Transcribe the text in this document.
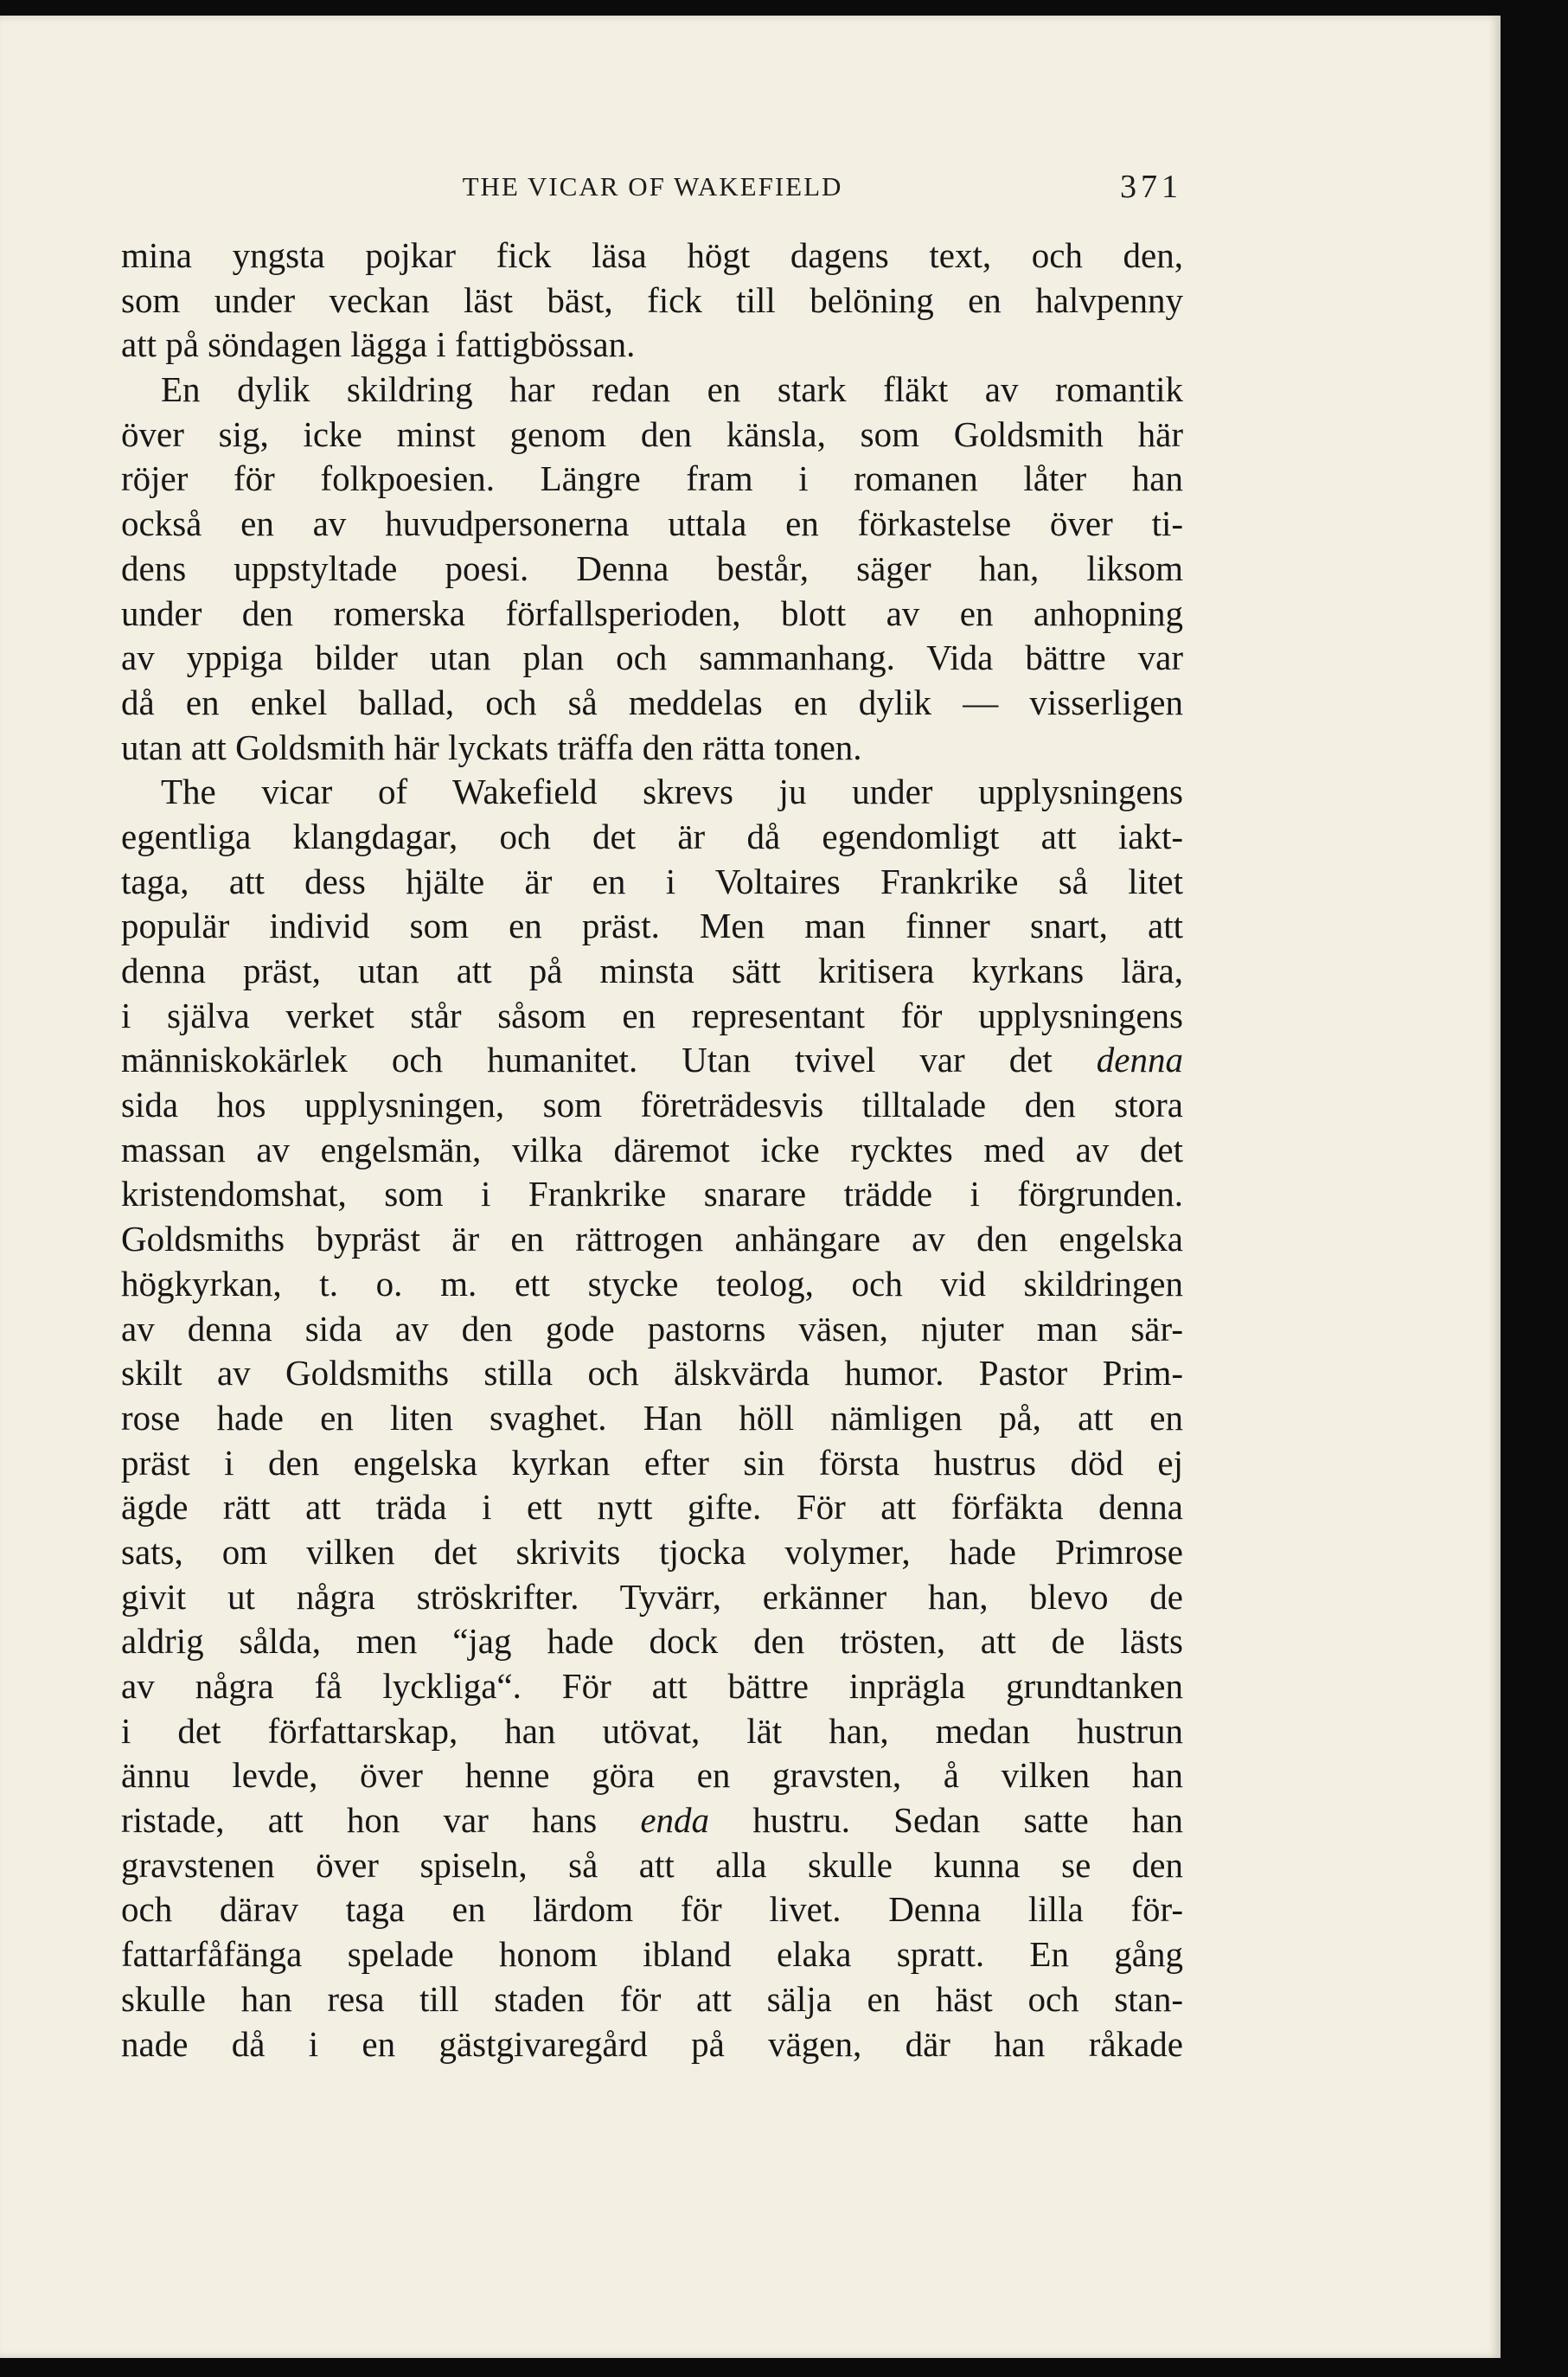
THE VICAR OF WAKEFIELD	371
mina yngsta pojkar fick läsa högt dagens text, och den,
som under veckan läst bäst, fick till belöning en halvpenny
att på söndagen lägga i fattigbössan.
En dylik skildring har redan en stark fläkt av romantik
över sig, icke minst genom den känsla, som Goldsmith här
röjer för folkpoesien. Längre fram i romanen låter han
också en av huvudpersonerna uttala en förkastelse över ti-
dens uppstyltade poesi. Denna består, säger han, liksom
under den romerska förfallsperioden, blott av en anhopning
av yppiga bilder utan plan och sammanhang. Vida bättre var
då en enkel ballad, och så meddelas en dylik — visserligen
utan att Goldsmith här lyckats träffa den rätta tonen.
The vicar of Wakefield skrevs ju under upplysningens
egentliga klangdagar, och det är då egendomligt att iakt-
taga, att dess hjälte är en i Voltaires Frankrike så litet
populär individ som en präst. Men man finner snart, att
denna präst, utan att på minsta sätt kritisera kyrkans lära,
i själva verket står såsom en representant för upplysningens
människokärlek och humanitet. Utan tvivel var det denna
sida hos upplysningen, som företrädesvis tilltalade den stora
massan av engelsmän, vilka däremot icke rycktes med av det
kristendomshat, som i Frankrike snarare trädde i förgrunden.
Goldsmiths bypräst är en rättrogen anhängare av den engelska
högkyrkan, t. o. m. ett stycke teolog, och vid skildringen
av denna sida av den gode pastorns väsen, njuter man sär-
skilt av Goldsmiths stilla och älskvärda humor. Pastor Prim-
rose hade en liten svaghet. Han höll nämligen på, att en
präst i den engelska kyrkan efter sin första hustrus död ej
ägde rätt att träda i ett nytt gifte. För att förfäkta denna
sats, om vilken det skrivits tjocka volymer, hade Primrose
givit ut några ströskrifter. Tyvärr, erkänner han, blevo de
aldrig sålda, men “jag hade dock den trösten, att de lästs
av några få lyckliga“. För att bättre inprägla grundtanken
i det författarskap, han utövat, lät han, medan hustrun
ännu levde, över henne göra en gravsten, å vilken han
ristade, att hon var hans enda hustru. Sedan satte han
gravstenen över spiseln, så att alla skulle kunna se den
och därav taga en lärdom för livet. Denna lilla för-
fattarfåfänga spelade honom ibland elaka spratt. En gång
skulle han resa till staden för att sälja en häst och stan-
nade då i en gästgivaregård på vägen, där han råkade
